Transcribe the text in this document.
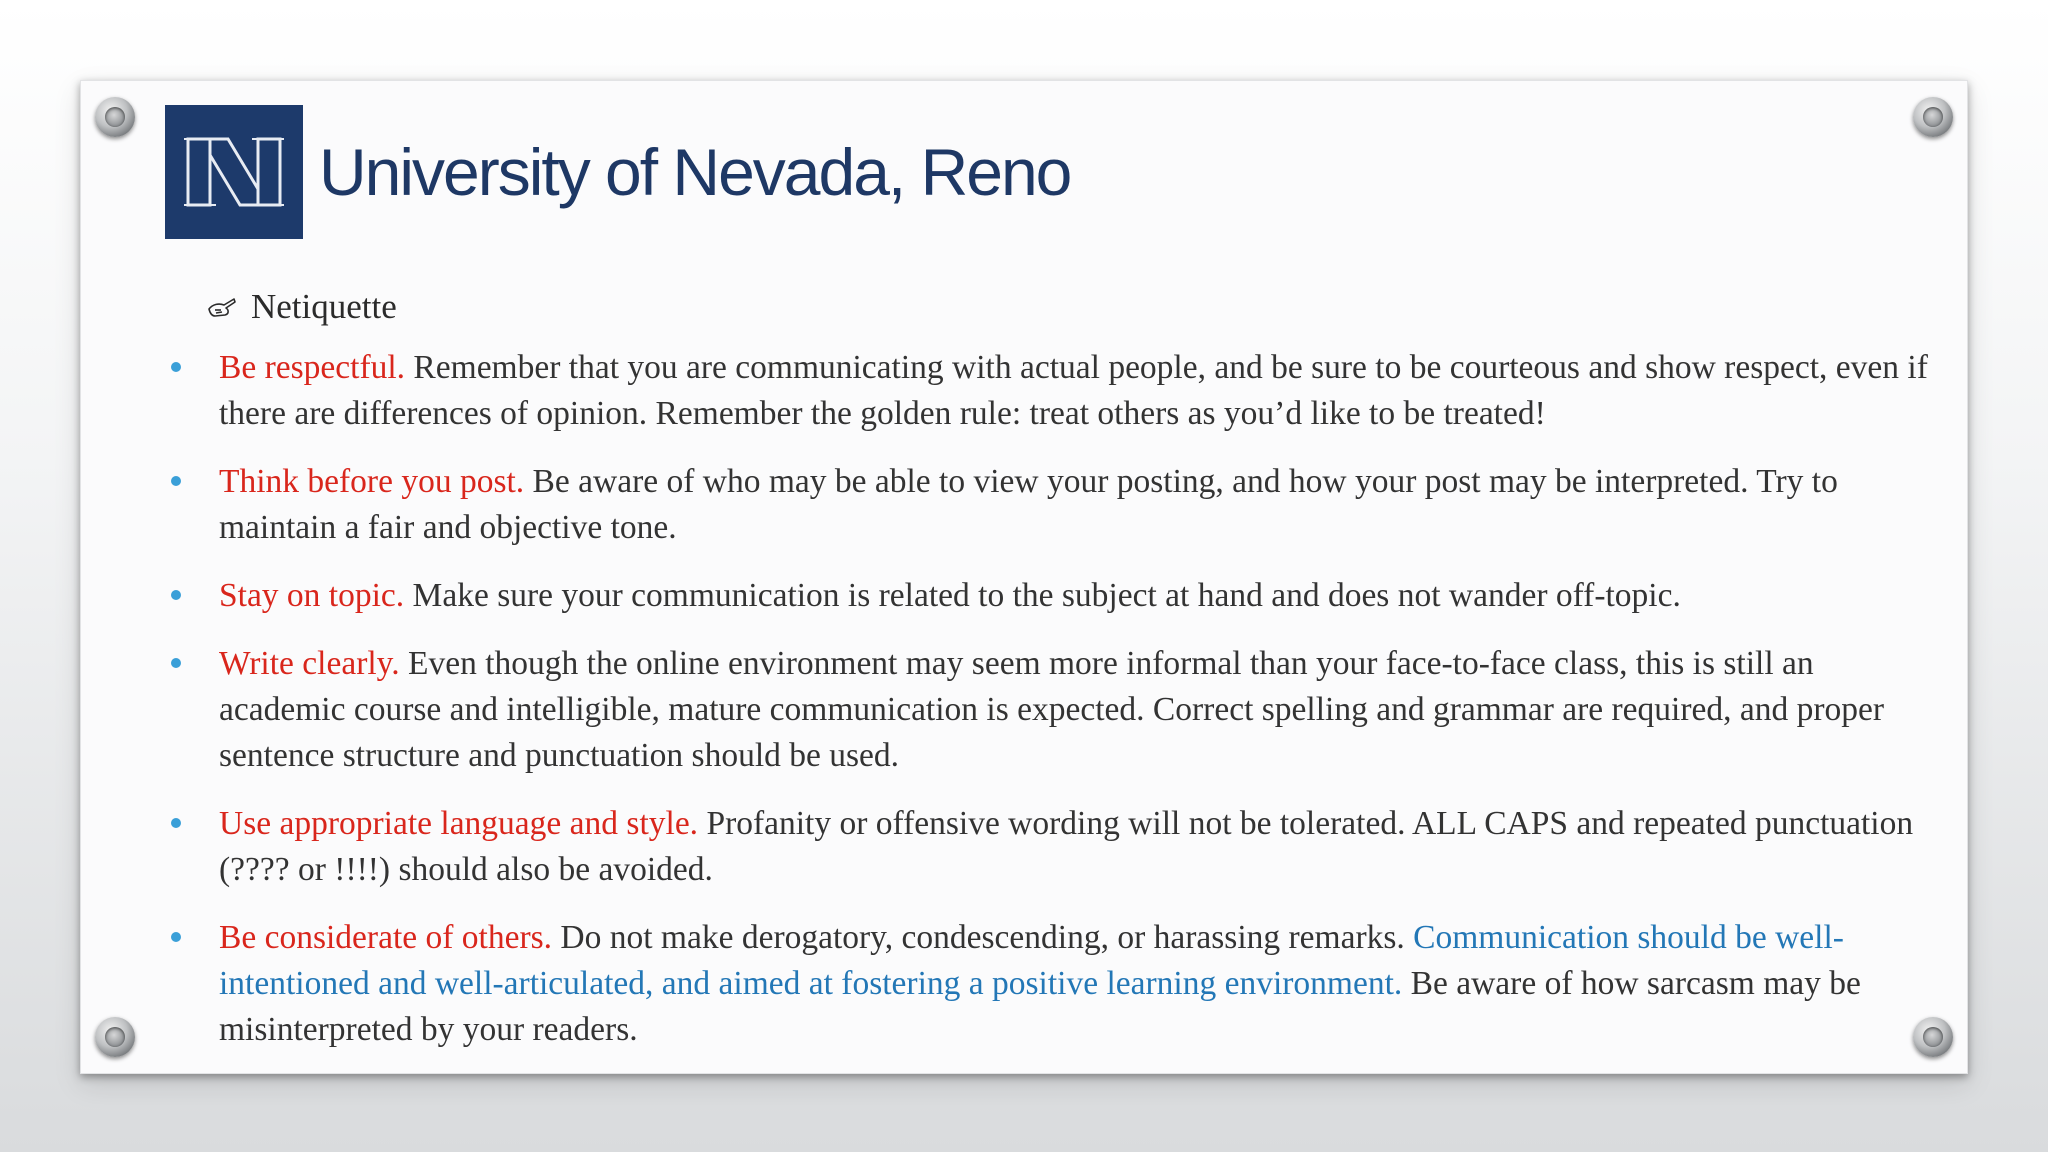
University of Nevada, Reno
Netiquette
Be respectful. Remember that you are communicating with actual people, and be sure to be courteous and show respect, even if there are differences of opinion. Remember the golden rule: treat others as you’d like to be treated!
Think before you post. Be aware of who may be able to view your posting, and how your post may be interpreted. Try to maintain a fair and objective tone.
Stay on topic. Make sure your communication is related to the subject at hand and does not wander off-topic.
Write clearly. Even though the online environment may seem more informal than your face-to-face class, this is still an academic course and intelligible, mature communication is expected. Correct spelling and grammar are required, and proper sentence structure and punctuation should be used.
Use appropriate language and style. Profanity or offensive wording will not be tolerated. ALL CAPS and repeated punctuation (???? or !!!!) should also be avoided.
Be considerate of others. Do not make derogatory, condescending, or harassing remarks. Communication should be well-intentioned and well-articulated, and aimed at fostering a positive learning environment. Be aware of how sarcasm may be misinterpreted by your readers.
